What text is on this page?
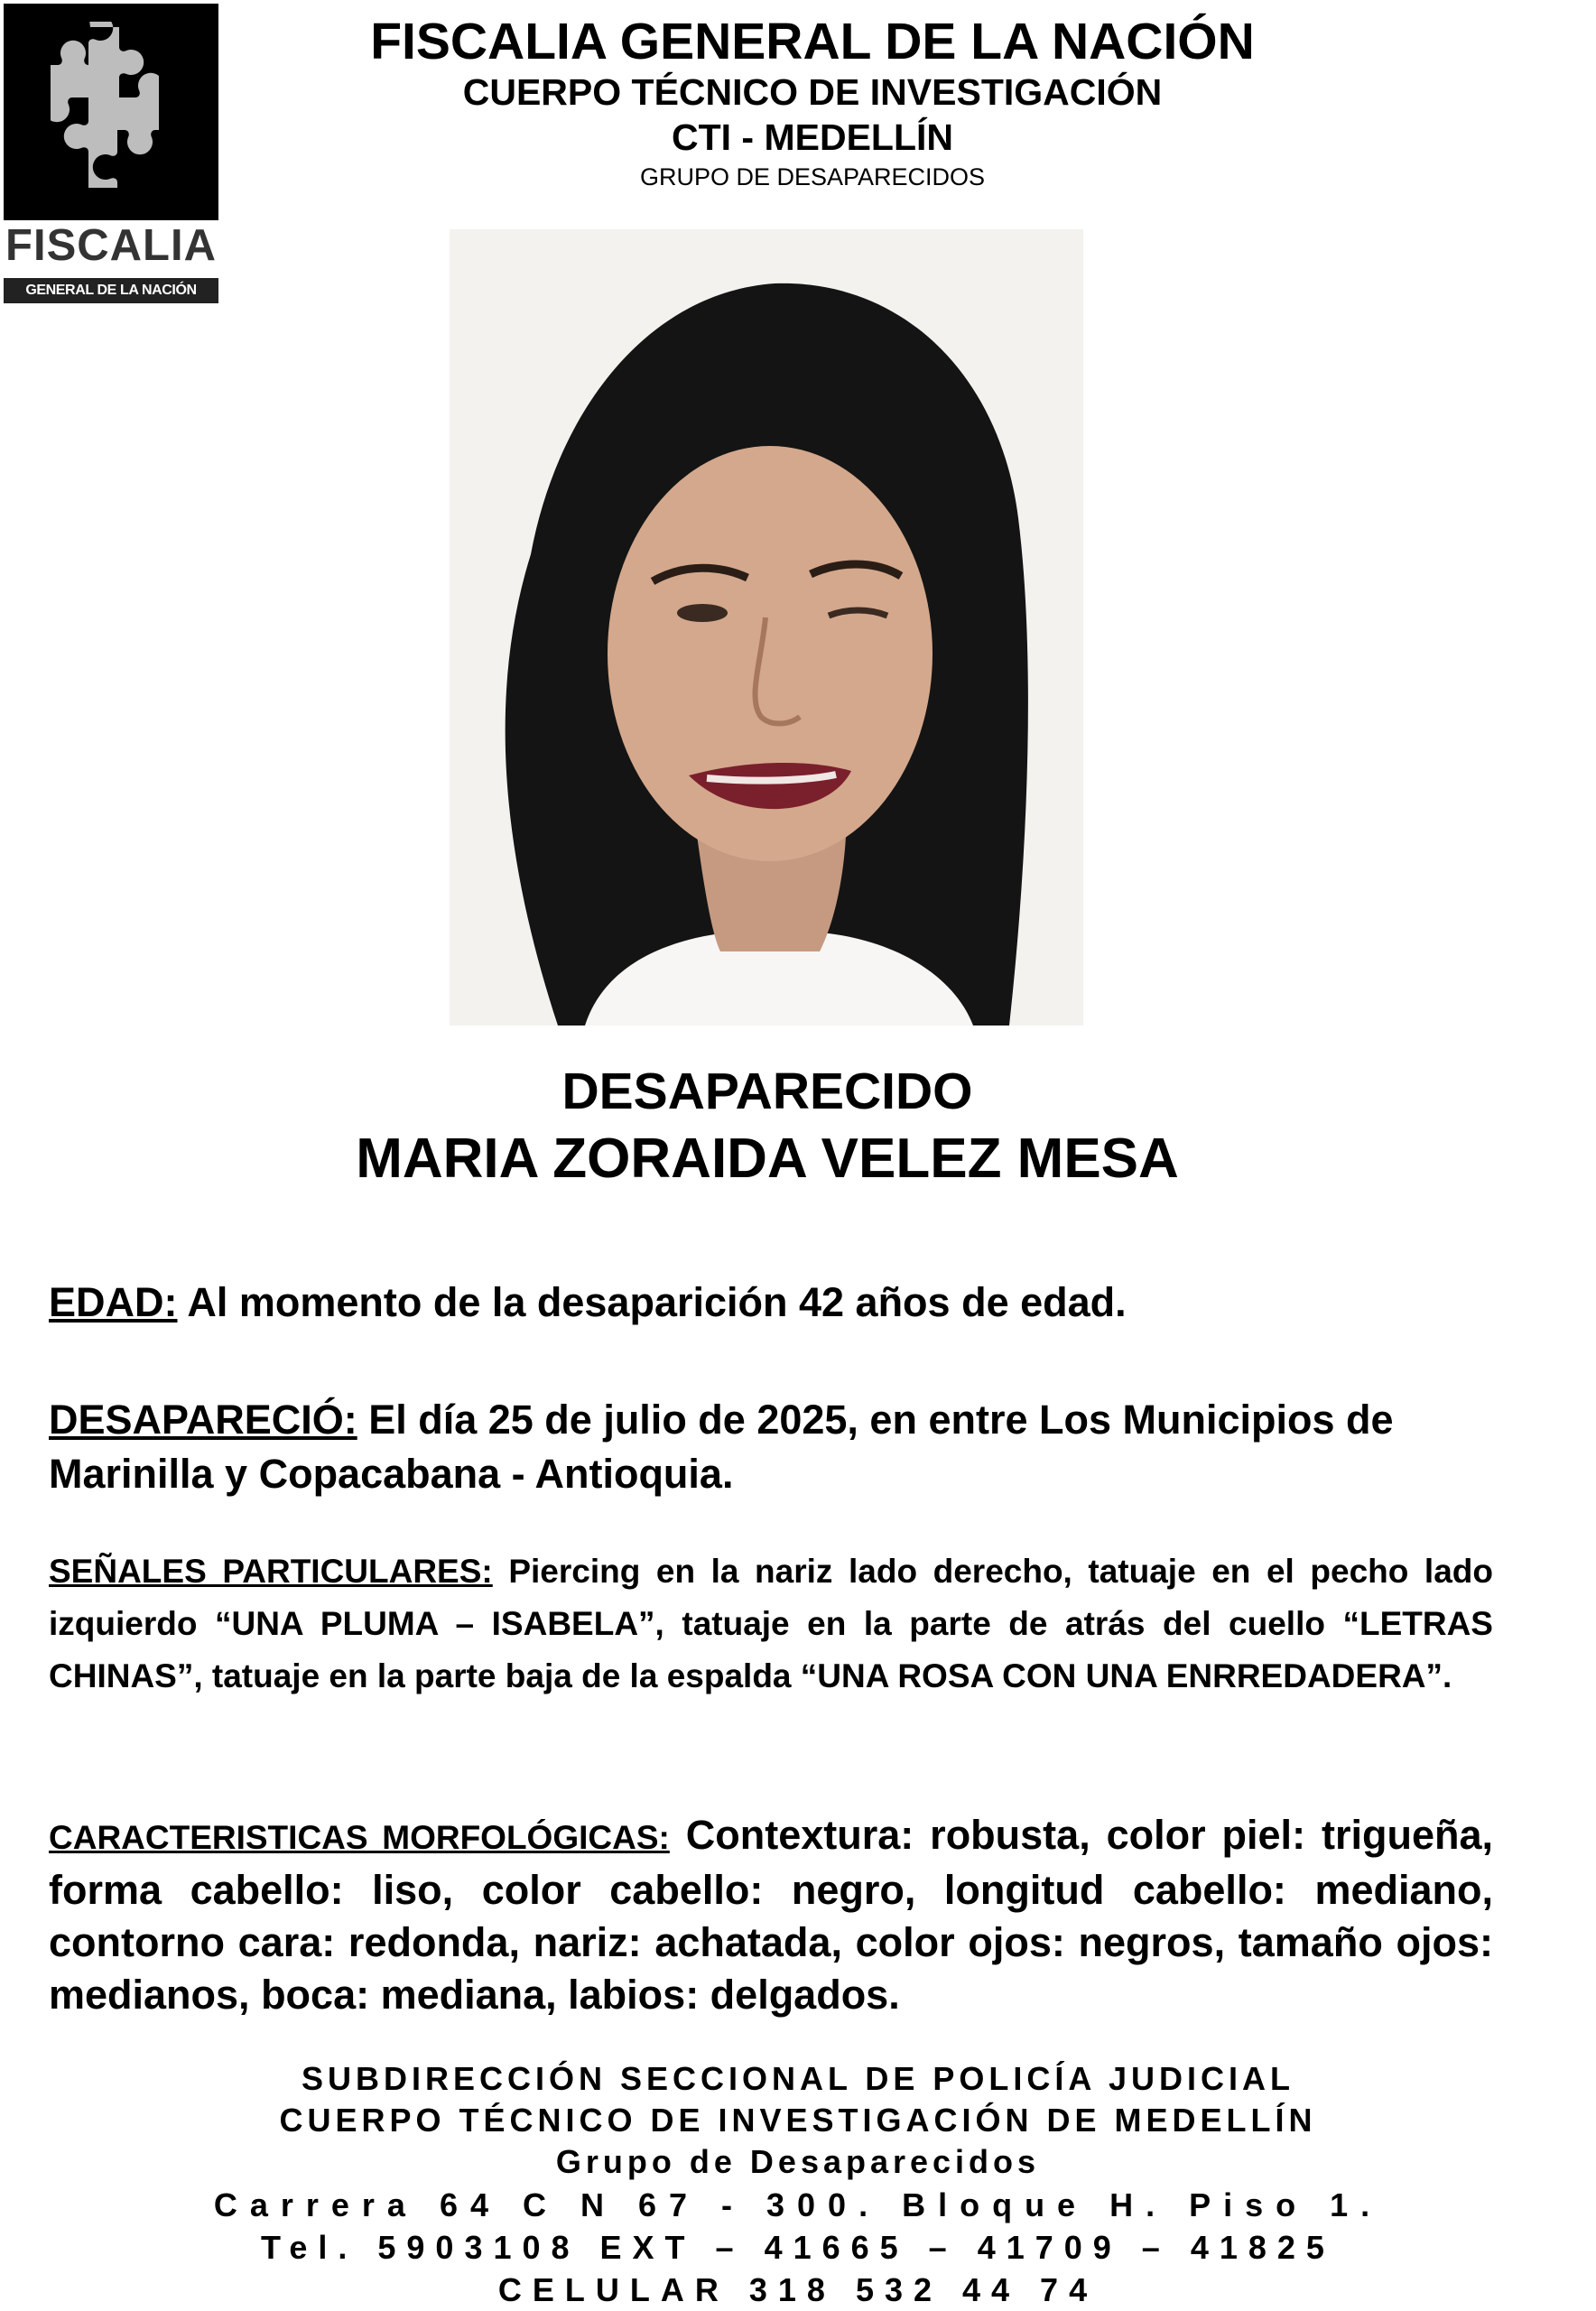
FISCALIA
GENERAL DE LA NACIÓN
FISCALIA GENERAL DE LA NACIÓN
CUERPO TÉCNICO DE INVESTIGACIÓN
CTI - MEDELLÍN
GRUPO DE DESAPARECIDOS
DESAPARECIDO
MARIA ZORAIDA VELEZ MESA
EDAD: Al momento de la desaparición 42 años de edad.
DESAPARECIÓ: El día 25 de julio de 2025, en entre Los Municipios de Marinilla y Copacabana - Antioquia.
SEÑALES PARTICULARES: Piercing en la nariz lado derecho, tatuaje en el pecho lado izquierdo “UNA PLUMA – ISABELA”, tatuaje en la parte de atrás del cuello “LETRAS CHINAS”, tatuaje en la parte baja de la espalda “UNA ROSA CON UNA ENRREDADERA”.
CARACTERISTICAS MORFOLÓGICAS: Contextura: robusta, color piel: trigueña, forma cabello: liso, color cabello: negro, longitud cabello: mediano, contorno cara: redonda, nariz: achatada, color ojos: negros, tamaño ojos: medianos, boca: mediana, labios: delgados.
SUBDIRECCIÓN SECCIONAL DE POLICÍA JUDICIAL
CUERPO TÉCNICO DE INVESTIGACIÓN DE MEDELLÍN
Grupo de Desaparecidos
Carrera 64 C N 67 - 300. Bloque H. Piso 1.
Tel. 5903108 EXT – 41665 – 41709 – 41825
CELULAR 318 532 44 74
